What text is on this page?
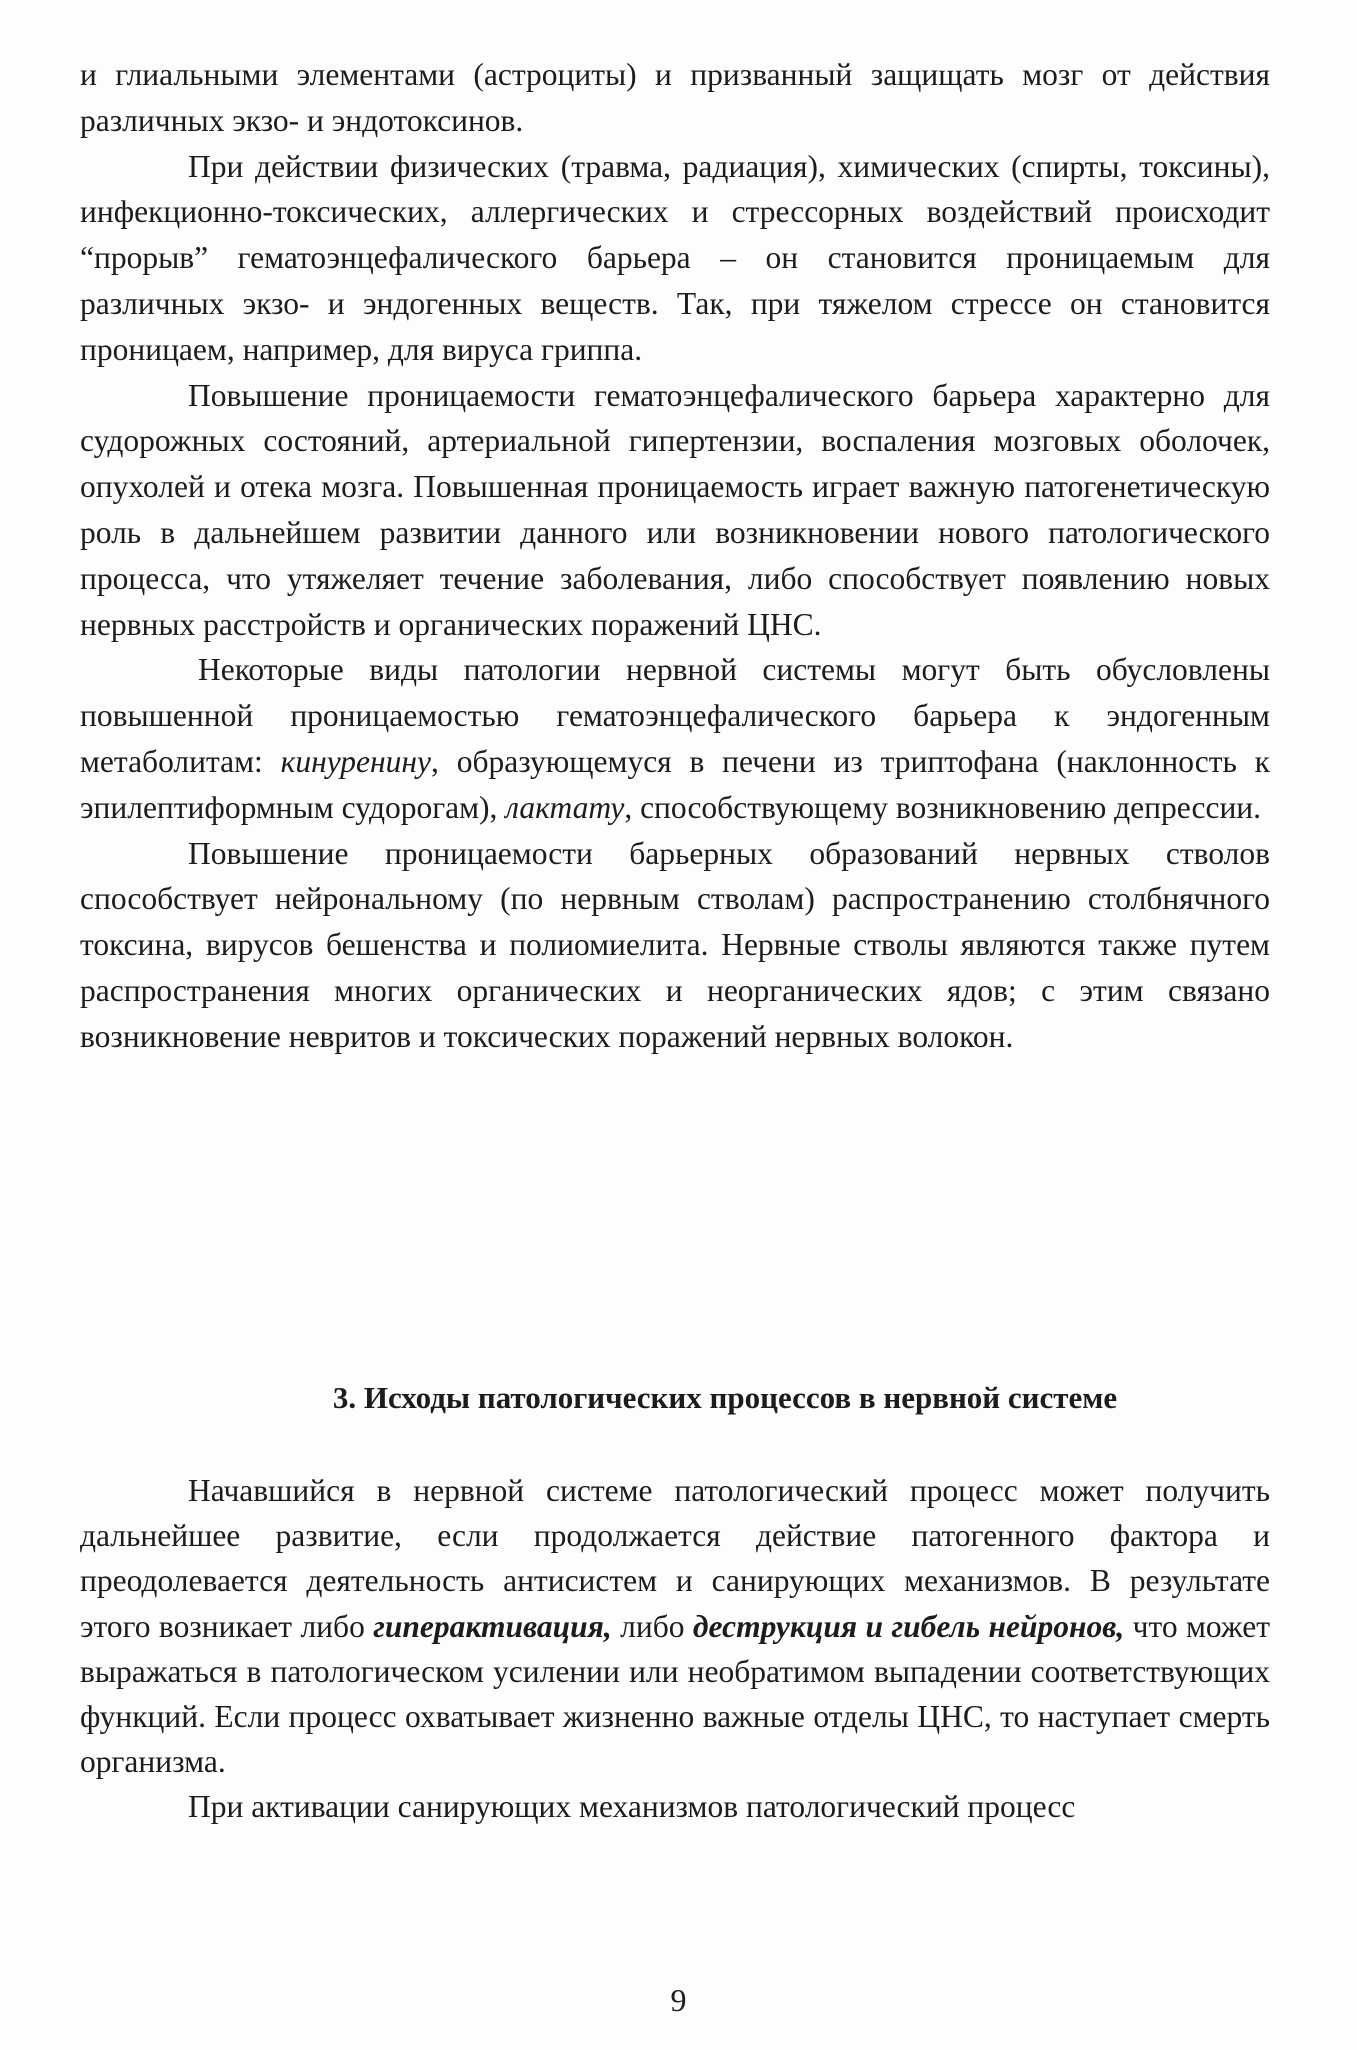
и глиальными элементами (астроциты) и призванный защищать мозг от действия различных экзо- и эндотоксинов.

При действии физических (травма, радиация), химических (спирты, токсины), инфекционно-токсических, аллергических и стрессорных воздействий происходит “прорыв” гематоэнцефалического барьера – он становится проницаемым для различных экзо- и эндогенных веществ. Так, при тяжелом стрессе он становится проницаем, например, для вируса гриппа.

Повышение проницаемости гематоэнцефалического барьера характерно для судорожных состояний, артериальной гипертензии, воспаления мозговых оболочек, опухолей и отека мозга. Повышенная проницаемость играет важную патогенетическую роль в дальнейшем развитии данного или возникновении нового патологического процесса, что утяжеляет течение заболевания, либо способствует появлению новых нервных расстройств и органических поражений ЦНС.

Некоторые виды патологии нервной системы могут быть обусловлены повышенной проницаемостью гематоэнцефалического барьера к эндогенным метаболитам: кинуренину, образующемуся в печени из триптофана (наклонность к эпилептиформным судорогам), лактату, способствующему возникновению депрессии.

Повышение проницаемости барьерных образований нервных стволов способствует нейрональному (по нервным стволам) распространению столбнячного токсина, вирусов бешенства и полиомиелита. Нервные стволы являются также путем распространения многих органических и неорганических ядов; с этим связано возникновение невритов и токсических поражений нервных волокон.

3. Исходы патологических процессов в нервной системе

Начавшийся в нервной системе патологический процесс может получить дальнейшее развитие, если продолжается действие патогенного фактора и преодолевается деятельность антисистем и санирующих механизмов. В результате этого возникает либо гиперактивация, либо деструкция и гибель нейронов, что может выражаться в патологическом усилении или необратимом выпадении соответствующих функций. Если процесс охватывает жизненно важные отделы ЦНС, то наступает смерть организма.

При активации санирующих механизмов патологический процесс

9
